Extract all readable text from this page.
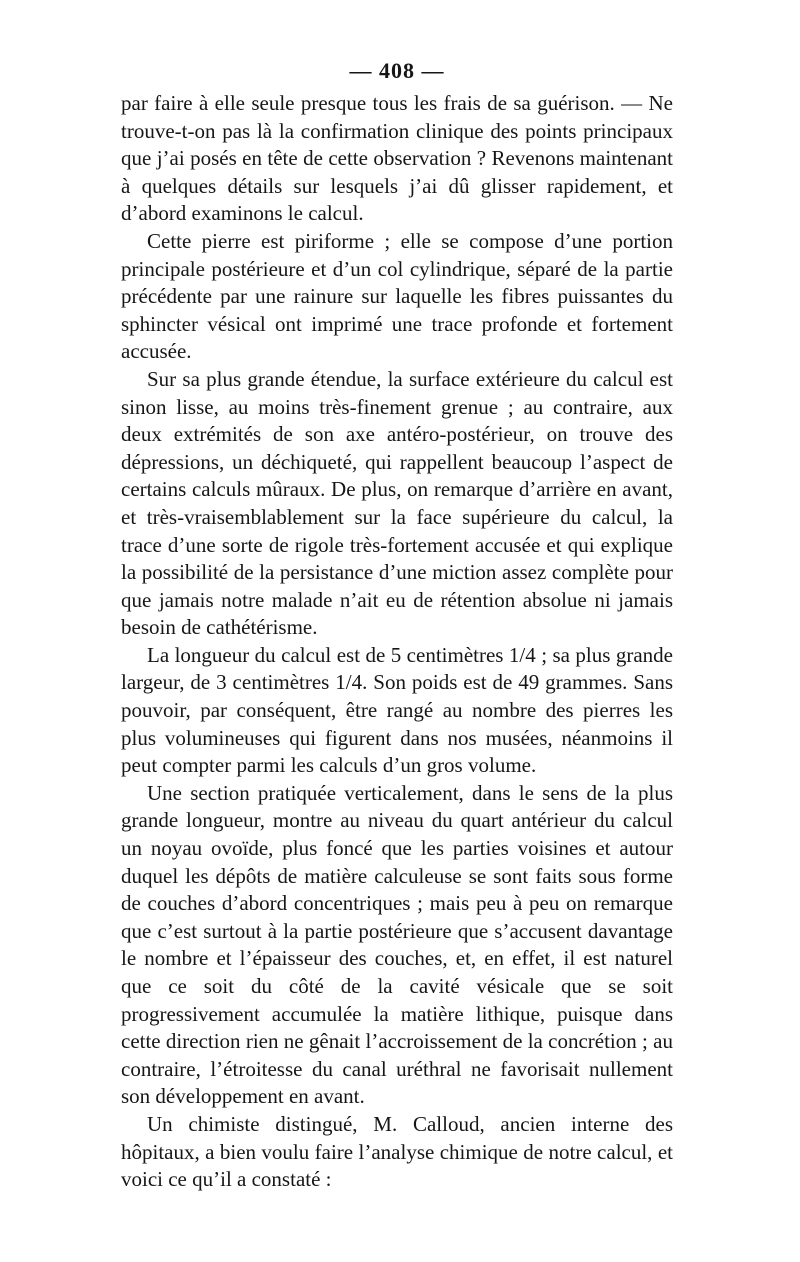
— 408 —

par faire à elle seule presque tous les frais de sa guérison. — Ne trouve-t-on pas là la confirmation clinique des points principaux que j’ai posés en tête de cette observation ? Revenons maintenant à quelques détails sur lesquels j’ai dû glisser rapidement, et d’abord examinons le calcul.

Cette pierre est piriforme ; elle se compose d’une portion principale postérieure et d’un col cylindrique, séparé de la partie précédente par une rainure sur laquelle les fibres puissantes du sphincter vésical ont imprimé une trace profonde et fortement accusée.

Sur sa plus grande étendue, la surface extérieure du calcul est sinon lisse, au moins très-finement grenue ; au contraire, aux deux extrémités de son axe antéro-postérieur, on trouve des dépressions, un déchiqueté, qui rappellent beaucoup l’aspect de certains calculs mûraux. De plus, on remarque d’arrière en avant, et très-vraisemblablement sur la face supérieure du calcul, la trace d’une sorte de rigole très-fortement accusée et qui explique la possibilité de la persistance d’une miction assez complète pour que jamais notre malade n’ait eu de rétention absolue ni jamais besoin de cathétérisme.

La longueur du calcul est de 5 centimètres 1/4 ; sa plus grande largeur, de 3 centimètres 1/4. Son poids est de 49 grammes. Sans pouvoir, par conséquent, être rangé au nombre des pierres les plus volumineuses qui figurent dans nos musées, néanmoins il peut compter parmi les calculs d’un gros volume.

Une section pratiquée verticalement, dans le sens de la plus grande longueur, montre au niveau du quart antérieur du calcul un noyau ovoïde, plus foncé que les parties voisines et autour duquel les dépôts de matière calculeuse se sont faits sous forme de couches d’abord concentriques ; mais peu à peu on remarque que c’est surtout à la partie postérieure que s’accusent davantage le nombre et l’épaisseur des couches, et, en effet, il est naturel que ce soit du côté de la cavité vésicale que se soit progressivement accumulée la matière lithique, puisque dans cette direction rien ne gênait l’accroissement de la concrétion ; au contraire, l’étroitesse du canal uréthral ne favorisait nullement son développement en avant.

Un chimiste distingué, M. Calloud, ancien interne des hôpitaux, a bien voulu faire l’analyse chimique de notre calcul, et voici ce qu’il a constaté :
